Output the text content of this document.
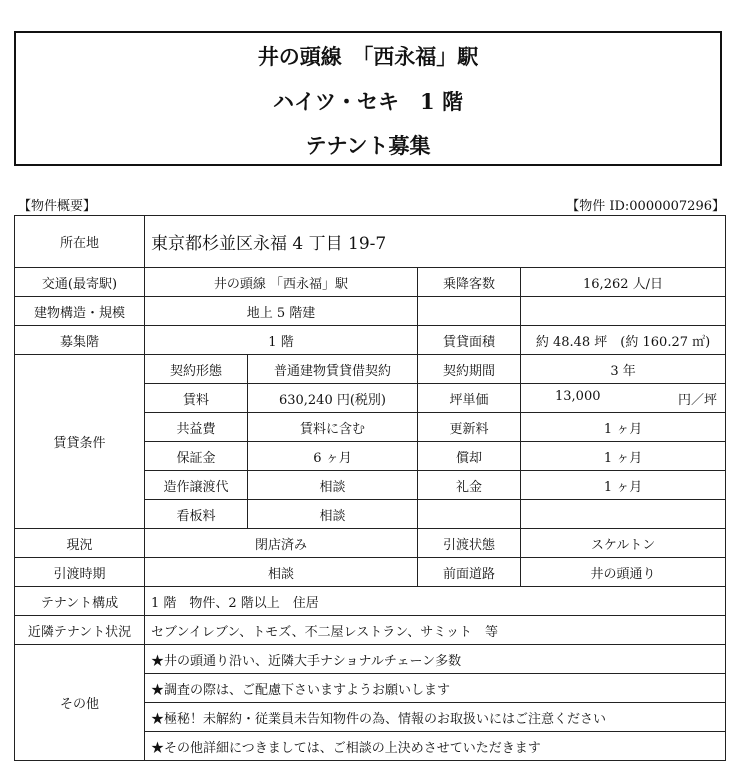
井の頭線　「西永福」駅
ハイツ・セキ　1 階
テナント募集
【物件概要】	【物件 ID:0000007296】
所在地	東京都杉並区永福 4 丁目 19-7			
交通(最寄駅)	井の頭線 「西永福」駅		乗降客数	16,262 人/日
建物構造・規模	地上 5 階建			
募集階	1 階		賃貸面積	約 48.48 坪　(約 160.27 ㎡)
賃貸条件	契約形態	普通建物賃貸借契約	契約期間	3 年
	賃料	630,240 円(税別)	坪単価	13,000 円／坪

	共益費	賃料に含む	更新料	1 ヶ月
	保証金	6 ヶ月	償却	1 ヶ月
	造作譲渡代	相談	礼金	1 ヶ月
	看板料	相談		
現況	閉店済み		引渡状態	スケルトン
引渡時期	相談		前面道路	井の頭通り
テナント構成	1 階　物件、2 階以上　住居			
近隣テナント状況	セブンイレブン、トモズ、不二屋レストラン、サミット　等			
その他	★井の頭通り沿い、近隣大手ナショナルチェーン多数			
	★調査の際は、ご配慮下さいますようお願いします			
	★極秘！未解約・従業員未告知物件の為、情報のお取扱いにはご注意ください			
	★その他詳細につきましては、ご相談の上決めさせていただきます			
